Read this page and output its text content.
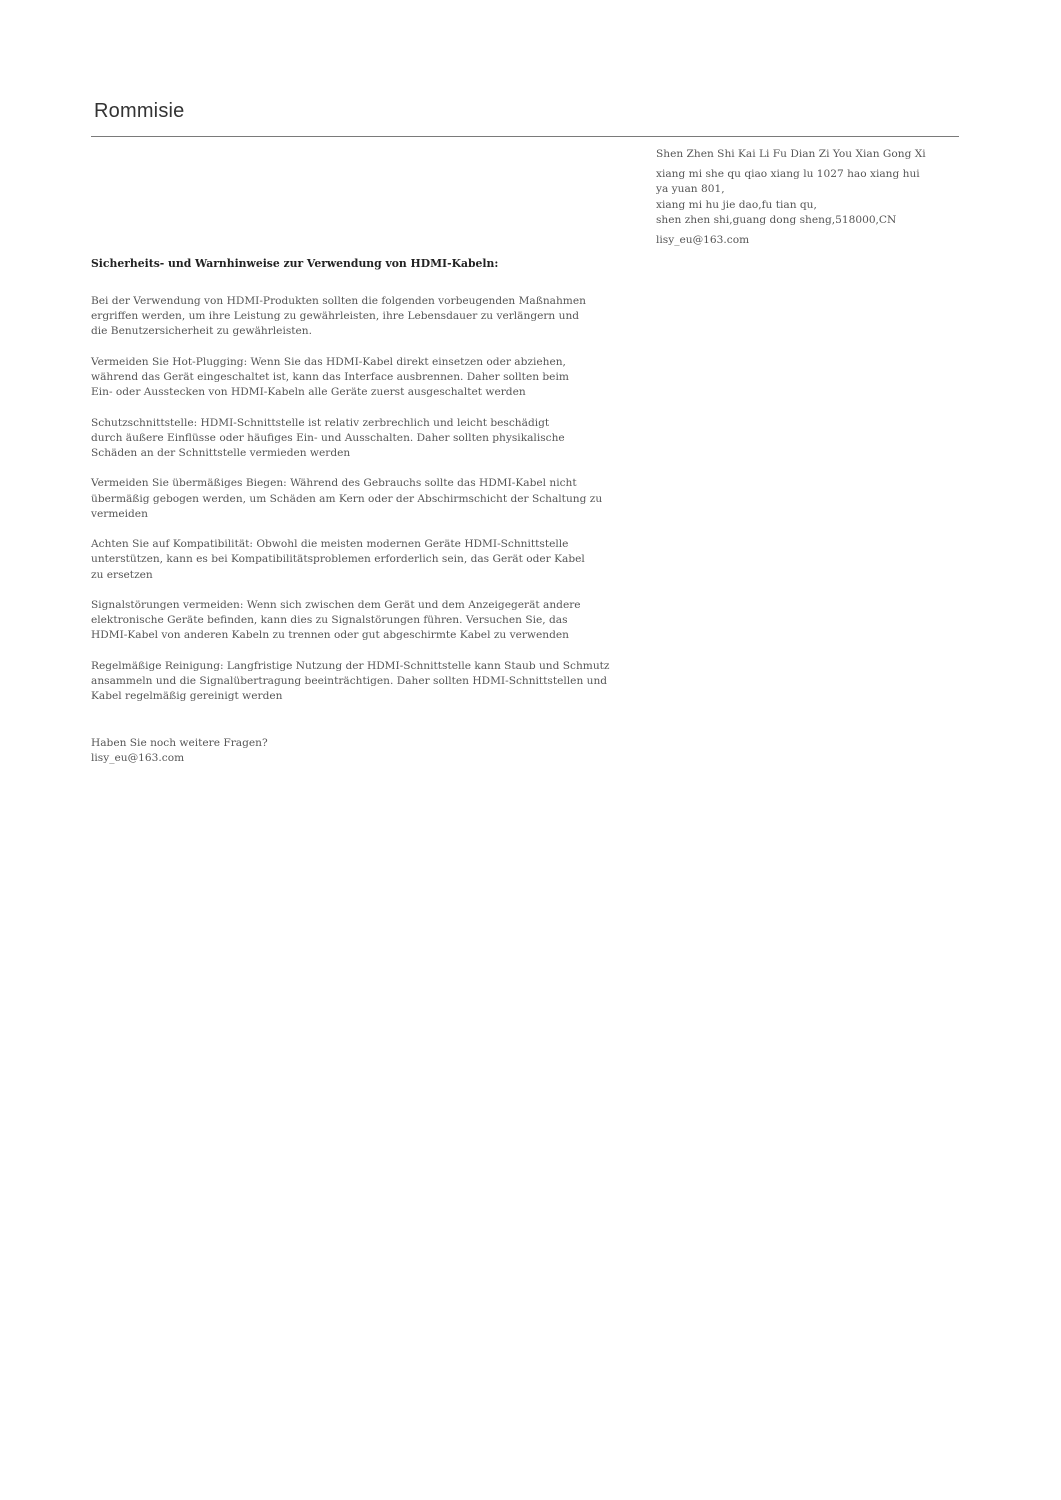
Rommisie
Shen Zhen Shi Kai Li Fu Dian Zi You Xian Gong Xi
xiang mi she qu qiao xiang lu 1027 hao xiang hui
ya yuan 801,
xiang mi hu jie dao,fu tian qu,
shen zhen shi,guang dong sheng,518000,CN
lisy_eu@163.com
Sicherheits- und Warnhinweise zur Verwendung von HDMI-Kabeln:

Bei der Verwendung von HDMI-Produkten sollten die folgenden vorbeugenden Maßnahmen
ergriffen werden, um ihre Leistung zu gewährleisten, ihre Lebensdauer zu verlängern und
die Benutzersicherheit zu gewährleisten.

Vermeiden Sie Hot-Plugging: Wenn Sie das HDMI-Kabel direkt einsetzen oder abziehen,
während das Gerät eingeschaltet ist, kann das Interface ausbrennen. Daher sollten beim
Ein- oder Ausstecken von HDMI-Kabeln alle Geräte zuerst ausgeschaltet werden

Schutzschnittstelle: HDMI-Schnittstelle ist relativ zerbrechlich und leicht beschädigt
durch äußere Einflüsse oder häufiges Ein- und Ausschalten. Daher sollten physikalische
Schäden an der Schnittstelle vermieden werden

Vermeiden Sie übermäßiges Biegen: Während des Gebrauchs sollte das HDMI-Kabel nicht
übermäßig gebogen werden, um Schäden am Kern oder der Abschirmschicht der Schaltung zu
vermeiden

Achten Sie auf Kompatibilität: Obwohl die meisten modernen Geräte HDMI-Schnittstelle
unterstützen, kann es bei Kompatibilitätsproblemen erforderlich sein, das Gerät oder Kabel
zu ersetzen

Signalstörungen vermeiden: Wenn sich zwischen dem Gerät und dem Anzeigegerät andere
elektronische Geräte befinden, kann dies zu Signalstörungen führen. Versuchen Sie, das
HDMI-Kabel von anderen Kabeln zu trennen oder gut abgeschirmte Kabel zu verwenden

Regelmäßige Reinigung: Langfristige Nutzung der HDMI-Schnittstelle kann Staub und Schmutz
ansammeln und die Signalübertragung beeinträchtigen. Daher sollten HDMI-Schnittstellen und
Kabel regelmäßig gereinigt werden

Haben Sie noch weitere Fragen?
lisy_eu@163.com
